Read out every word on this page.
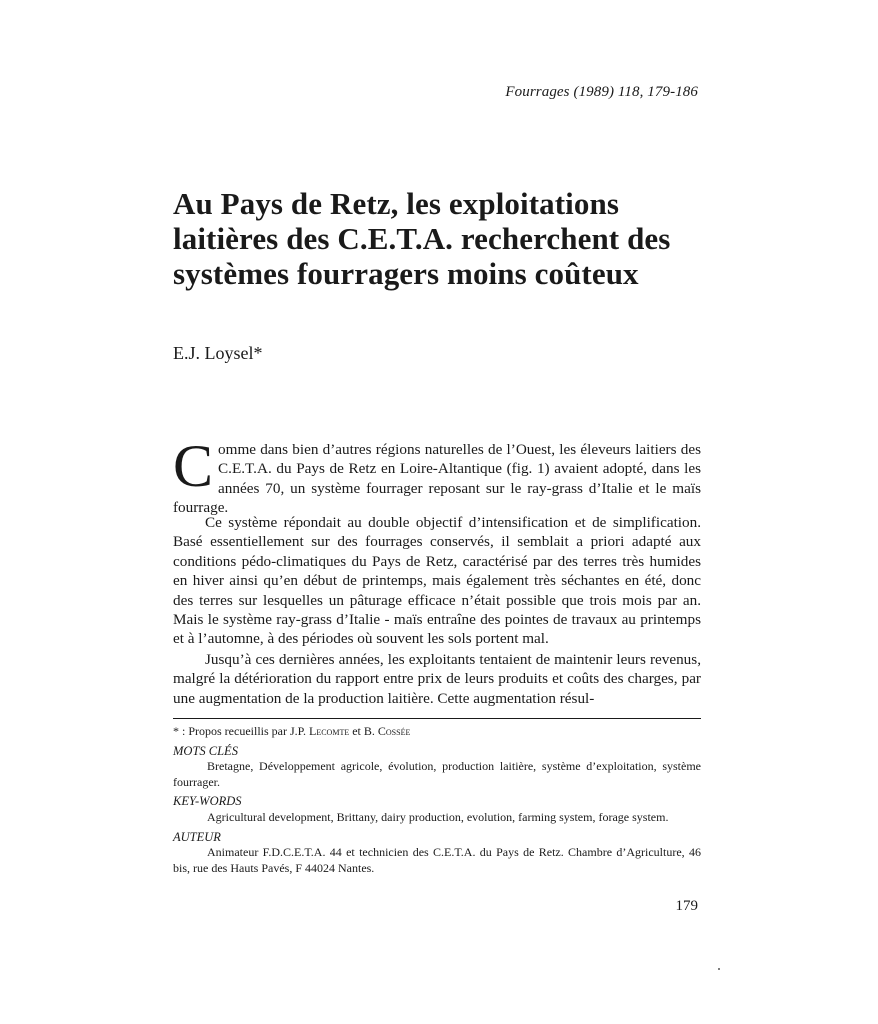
Fourrages (1989) 118, 179-186
Au Pays de Retz, les exploitations laitières des C.E.T.A. recherchent des systèmes fourragers moins coûteux
E.J. Loysel*

Comme dans bien d’autres régions naturelles de l’Ouest, les éleveurs laitiers des C.E.T.A. du Pays de Retz en Loire-Altantique (fig. 1) avaient adopté, dans les années 70, un système fourrager reposant sur le ray-grass d’Italie et le maïs fourrage.

Ce système répondait au double objectif d’intensification et de simplification. Basé essentiellement sur des fourrages conservés, il semblait a priori adapté aux conditions pédo-climatiques du Pays de Retz, caractérisé par des terres très humides en hiver ainsi qu’en début de printemps, mais également très séchantes en été, donc des terres sur lesquelles un pâturage efficace n’était possible que trois mois par an. Mais le système ray-grass d’Italie - maïs entraîne des pointes de travaux au printemps et à l’automne, à des périodes où souvent les sols portent mal.

Jusqu’à ces dernières années, les exploitants tentaient de maintenir leurs revenus, malgré la détérioration du rapport entre prix de leurs produits et coûts des charges, par une augmentation de la production laitière. Cette augmentation résul-

* : Propos recueillis par J.P. Lecomte et B. Cossée

MOTS CLÉS

Bretagne, Développement agricole, évolution, production laitière, système d’exploitation, système fourrager.

KEY-WORDS

Agricultural development, Brittany, dairy production, evolution, farming system, forage system.

AUTEUR

Animateur F.D.C.E.T.A. 44 et technicien des C.E.T.A. du Pays de Retz. Chambre d’Agriculture, 46 bis, rue des Hauts Pavés, F 44024 Nantes.

179
